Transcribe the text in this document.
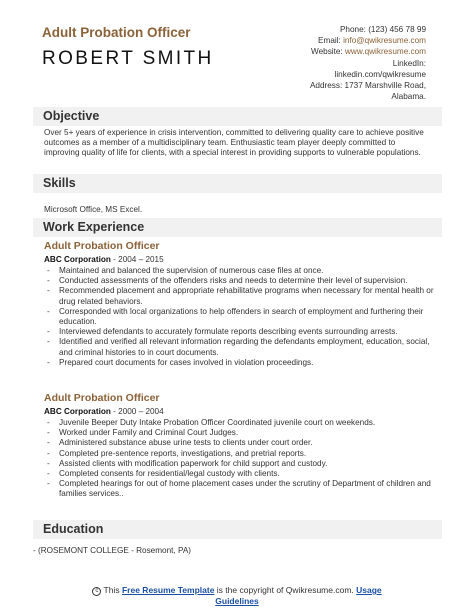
Adult Probation Officer
ROBERT SMITH
Phone: (123) 456 78 99
Email: info@qwikresume.com
Website: www.qwikresume.com
LinkedIn:
linkedin.com/qwikresume
Address: 1737 Marshville Road,
Alabama.
Objective
Over 5+ years of experience in crisis intervention, committed to delivering quality care to achieve positive outcomes as a member of a multidisciplinary team. Enthusiastic team player deeply committed to improving quality of life for clients, with a special interest in providing supports to vulnerable populations.
Skills
Microsoft Office, MS Excel.
Work Experience
Adult Probation Officer
ABC Corporation - 2004 – 2015
- Maintained and balanced the supervision of numerous case files at once.
- Conducted assessments of the offenders risks and needs to determine their level of supervision.
- Recommended placement and appropriate rehabilitative programs when necessary for mental health or drug related behaviors.
- Corresponded with local organizations to help offenders in search of employment and furthering their education.
- Interviewed defendants to accurately formulate reports describing events surrounding arrests.
- Identified and verified all relevant information regarding the defendants employment, education, social, and criminal histories to in court documents.
- Prepared court documents for cases involved in violation proceedings.
Adult Probation Officer
ABC Corporation - 2000 – 2004
- Juvenile Beeper Duty Intake Probation Officer Coordinated juvenile court on weekends.
- Worked under Family and Criminal Court Judges.
- Administered substance abuse urine tests to clients under court order.
- Completed pre-sentence reports, investigations, and pretrial reports.
- Assisted clients with modification paperwork for child support and custody.
- Completed consents for residential/legal custody with clients.
- Completed hearings for out of home placement cases under the scrutiny of Department of children and families services..
Education
- (ROSEMONT COLLEGE - Rosemont, PA)
c This Free Resume Template is the copyright of Qwikresume.com. Usage
Guidelines
